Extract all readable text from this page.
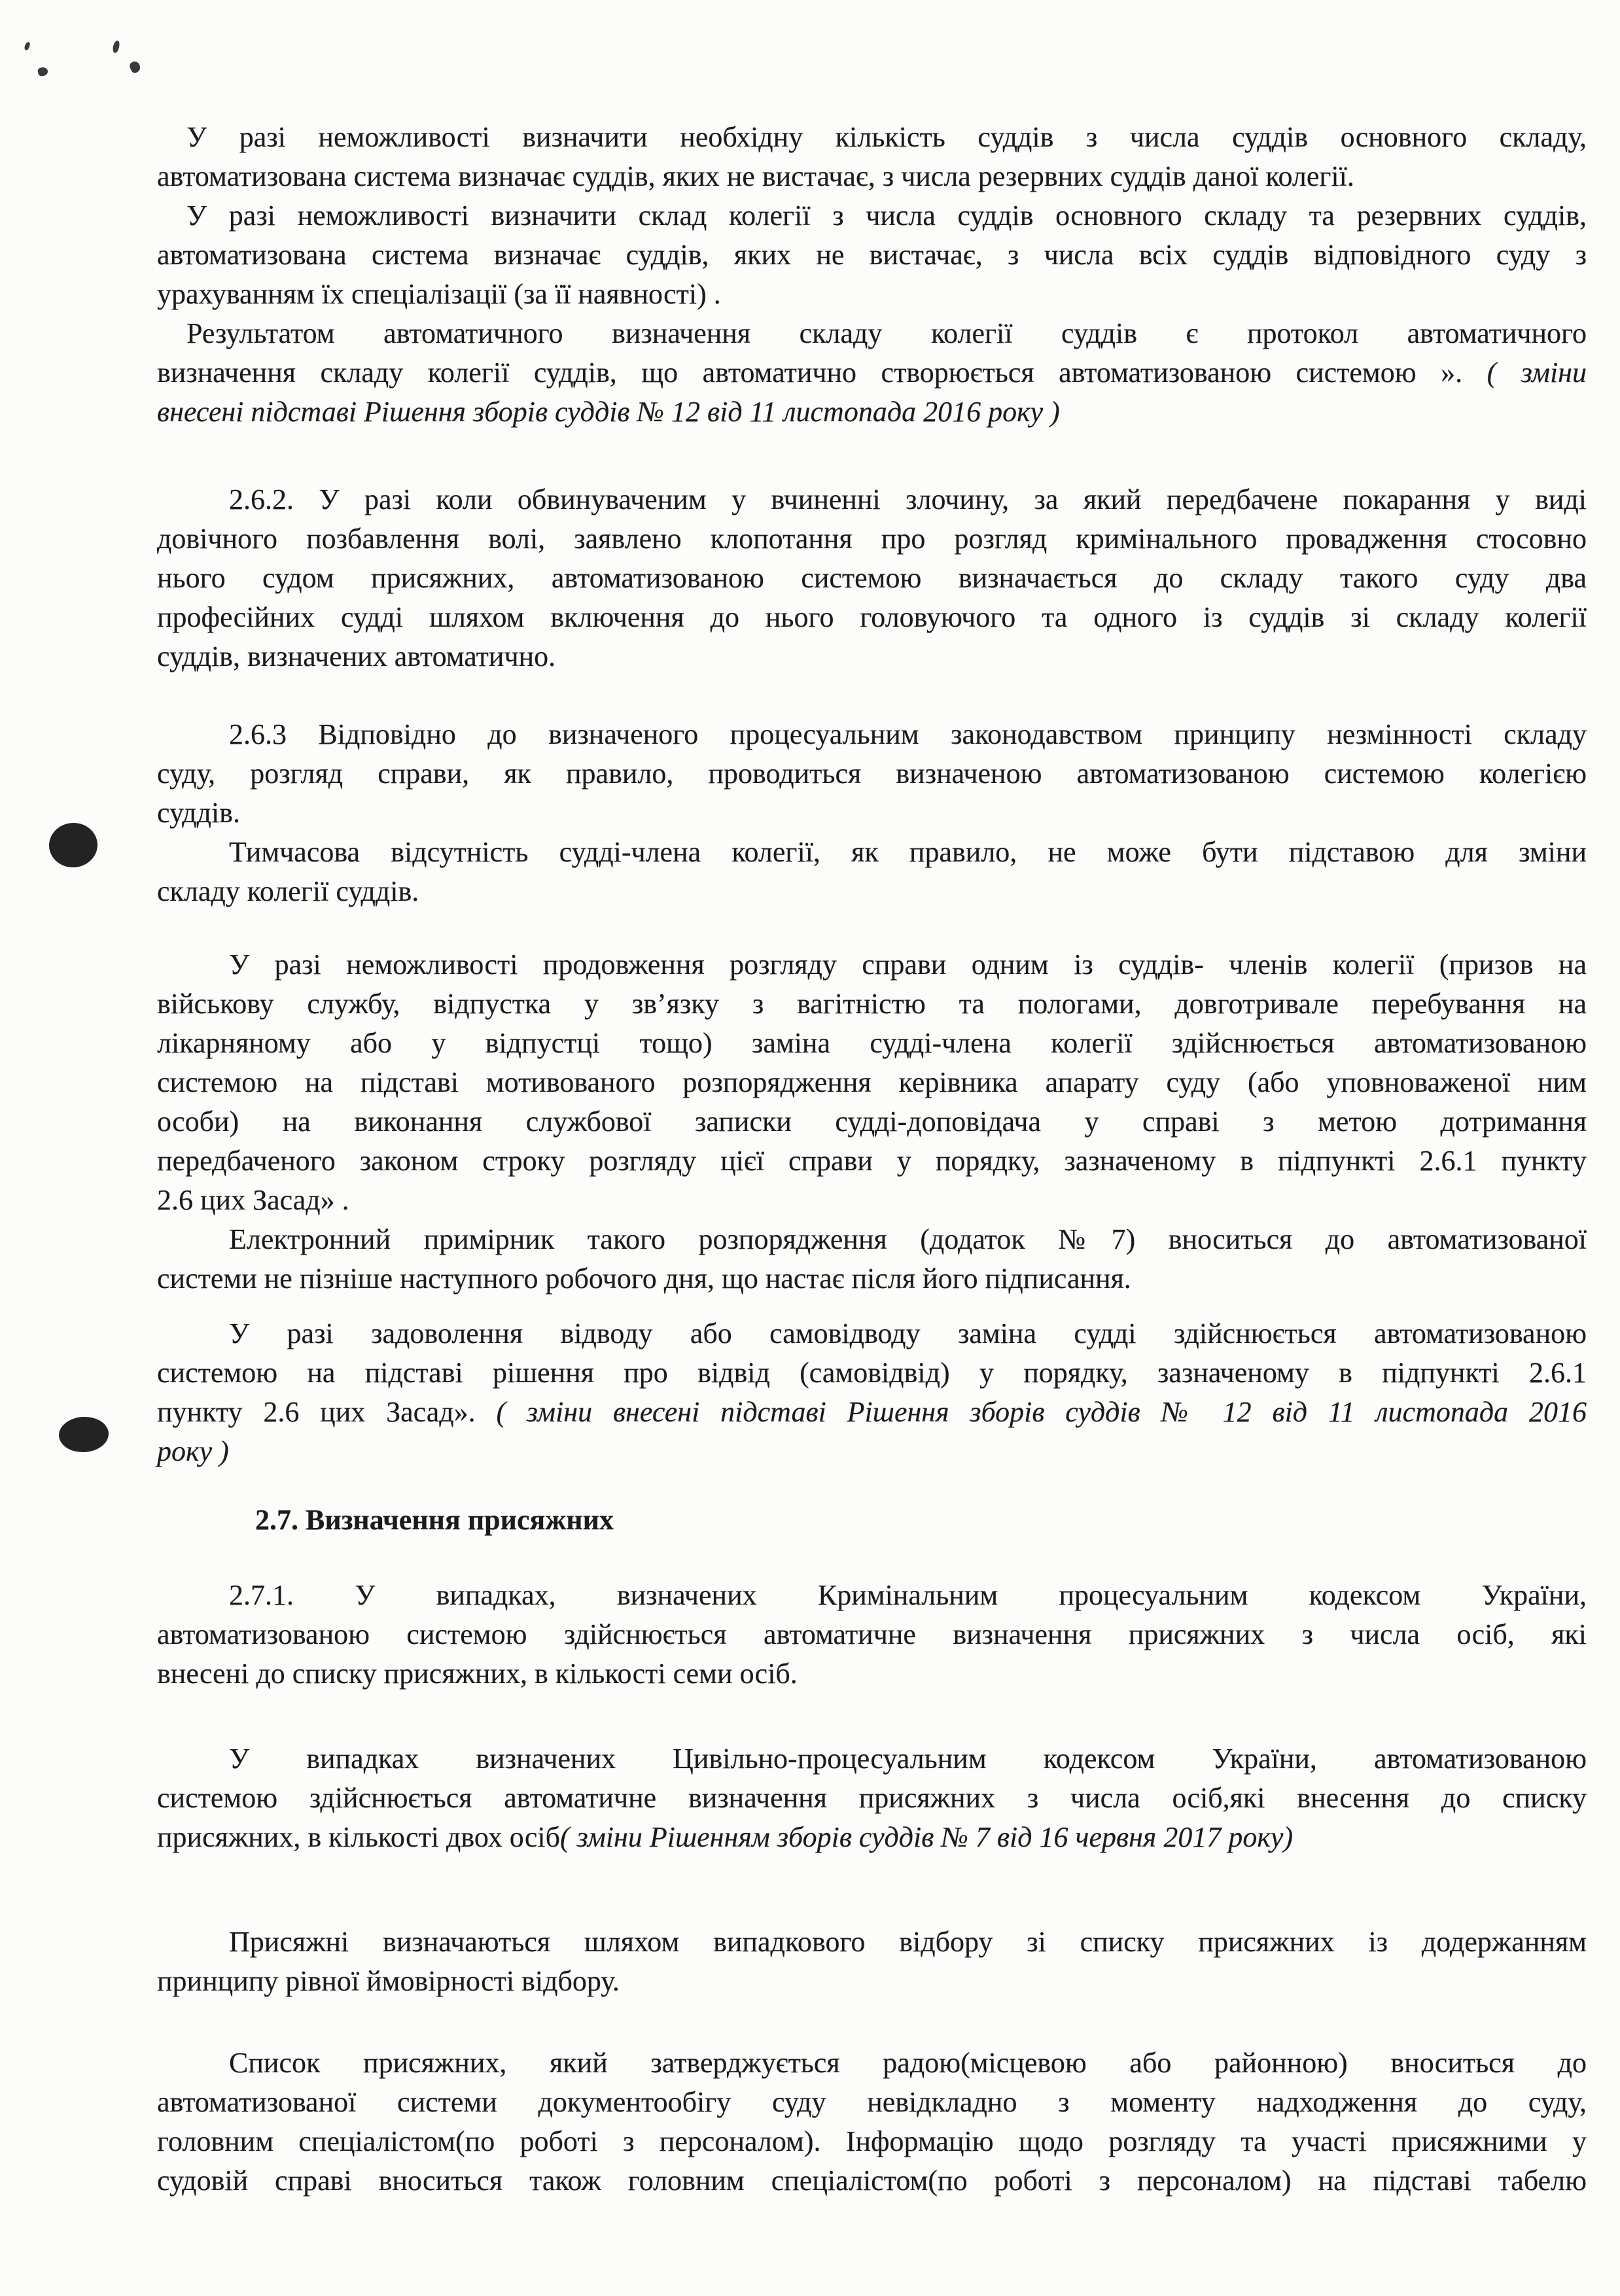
У разі неможливості визначити необхідну кількість суддів з числа суддів основного складу,
автоматизована система визначає суддів, яких не вистачає, з числа резервних суддів даної колегії.
У разі неможливості визначити склад колегії з числа суддів основного складу та резервних суддів,
автоматизована система визначає суддів, яких не вистачає, з числа всіх суддів відповідного суду з
урахуванням їх спеціалізації (за її наявності) .
Результатом автоматичного визначення складу колегії суддів є протокол автоматичного
визначення складу колегії суддів, що автоматично створюється автоматизованою системою ». ( зміни
внесені підставі Рішення зборів суддів № 12 від 11 листопада 2016 року )
2.6.2. У разі коли обвинуваченим у вчиненні злочину, за який передбачене покарання у виді
довічного позбавлення волі, заявлено клопотання про розгляд кримінального провадження стосовно
нього судом присяжних, автоматизованою системою визначається до складу такого суду два
професійних судді шляхом включення до нього головуючого та одного із суддів зі складу колегії
суддів, визначених автоматично.
2.6.3 Відповідно до визначеного процесуальним законодавством принципу незмінності складу
суду, розгляд справи, як правило, проводиться визначеною автоматизованою системою колегією
суддів.
Тимчасова відсутність судді-члена колегії, як правило, не може бути підставою для зміни
складу колегії суддів.
У разі неможливості продовження розгляду справи одним із суддів- членів колегії (призов на
військову службу, відпустка у зв’язку з вагітністю та пологами, довготривале перебування на
лікарняному або у відпустці тощо) заміна судді-члена колегії здійснюється автоматизованою
системою на підставі мотивованого розпорядження керівника апарату суду (або уповноваженої ним
особи) на виконання службової записки судді-доповідача у справі з метою дотримання
передбаченого законом строку розгляду цієї справи у порядку, зазначеному в підпункті 2.6.1 пункту
2.6 цих Засад» .
Електронний примірник такого розпорядження (додаток №7) вноситься до автоматизованої
системи не пізніше наступного робочого дня, що настає після його підписання.
У разі задоволення відводу або самовідводу заміна судді здійснюється автоматизованою
системою на підставі рішення про відвід (самовідвід) у порядку, зазначеному в підпункті 2.6.1
пункту 2.6 цих Засад». ( зміни внесені підставі Рішення зборів суддів № 12 від 11 листопада 2016
року )
2.7. Визначення присяжних
2.7.1. У випадках, визначених Кримінальним процесуальним кодексом України,
автоматизованою системою здійснюється автоматичне визначення присяжних з числа осіб, які
внесені до списку присяжних, в кількості семи осіб.
У випадках визначених Цивільно-процесуальним кодексом України, автоматизованою
системою здійснюється автоматичне визначення присяжних з числа осіб,які внесення до списку
присяжних, в кількості двох осіб( зміни Рішенням зборів суддів № 7 від 16 червня 2017 року)
Присяжні визначаються шляхом випадкового відбору зі списку присяжних із додержанням
принципу рівної ймовірності відбору.
Список присяжних, який затверджується радою(місцевою або районною) вноситься до
автоматизованої системи документообігу суду невідкладно з моменту надходження до суду,
головним спеціалістом(по роботі з персоналом). Інформацію щодо розгляду та участі присяжними у
судовій справі вноситься також головним спеціалістом(по роботі з персоналом) на підставі табелю
